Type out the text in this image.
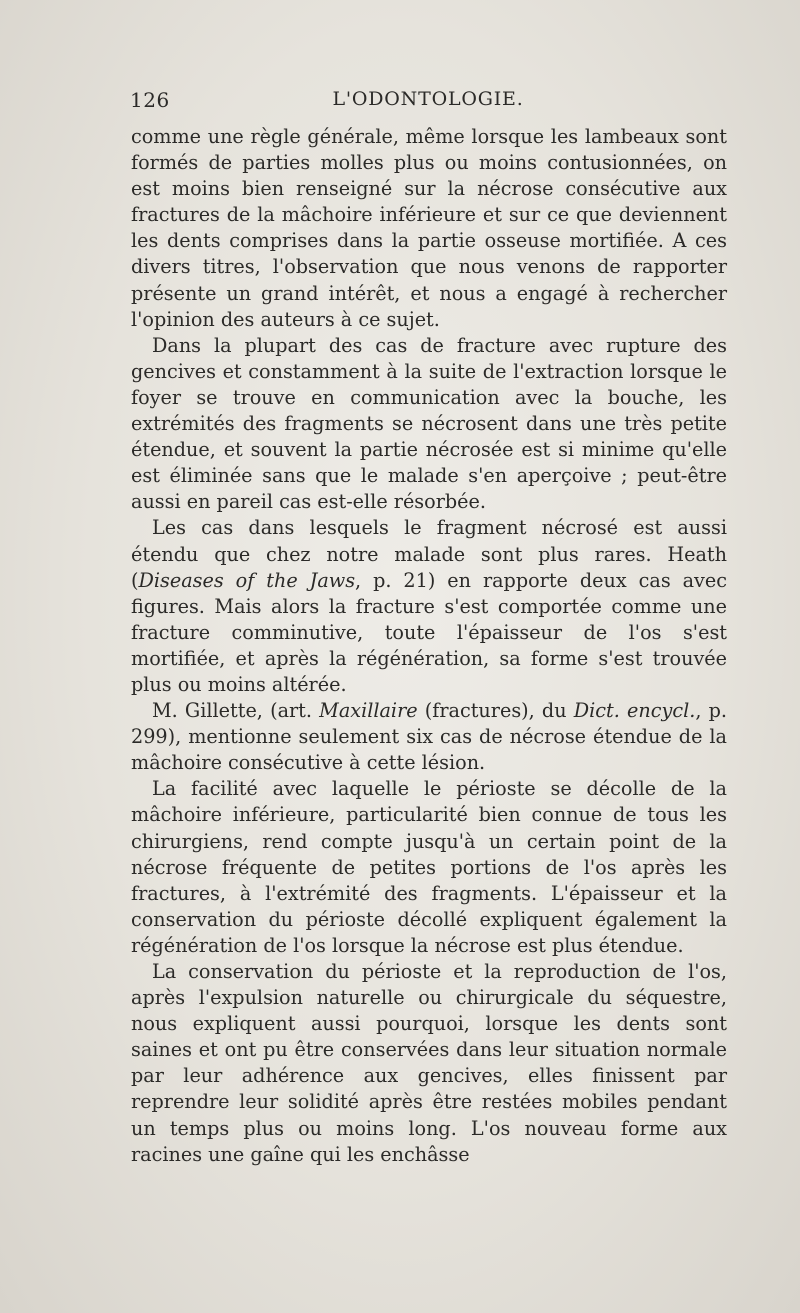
126	L'ODONTOLOGIE.

comme une règle générale, même lorsque les lambeaux sont formés de parties molles plus ou moins contusionnées, on est moins bien renseigné sur la nécrose consécutive aux fractures de la mâchoire inférieure et sur ce que deviennent les dents comprises dans la partie osseuse mortifiée. A ces divers titres, l'observation que nous venons de rapporter présente un grand intérêt, et nous a engagé à rechercher l'opinion des auteurs à ce sujet.

Dans la plupart des cas de fracture avec rupture des gencives et constamment à la suite de l'extraction lorsque le foyer se trouve en communication avec la bouche, les extrémités des fragments se nécrosent dans une très petite étendue, et souvent la partie nécrosée est si minime qu'elle est éliminée sans que le malade s'en aperçoive ; peut-être aussi en pareil cas est-elle résorbée.

Les cas dans lesquels le fragment nécrosé est aussi étendu que chez notre malade sont plus rares. Heath (Diseases of the Jaws, p. 21) en rapporte deux cas avec figures. Mais alors la fracture s'est comportée comme une fracture comminutive, toute l'épaisseur de l'os s'est mortifiée, et après la régénération, sa forme s'est trouvée plus ou moins altérée.

M. Gillette, (art. Maxillaire (fractures), du Dict. encycl., p. 299), mentionne seulement six cas de nécrose étendue de la mâchoire consécutive à cette lésion.

La facilité avec laquelle le périoste se décolle de la mâchoire inférieure, particularité bien connue de tous les chirurgiens, rend compte jusqu'à un certain point de la nécrose fréquente de petites portions de l'os après les fractures, à l'extrémité des fragments. L'épaisseur et la conservation du périoste décollé expliquent également la régénération de l'os lorsque la nécrose est plus étendue.

La conservation du périoste et la reproduction de l'os, après l'expulsion naturelle ou chirurgicale du séquestre, nous expliquent aussi pourquoi, lorsque les dents sont saines et ont pu être conservées dans leur situation normale par leur adhérence aux gencives, elles finissent par reprendre leur solidité après être restées mobiles pendant un temps plus ou moins long. L'os nouveau forme aux racines une gaîne qui les enchâsse
